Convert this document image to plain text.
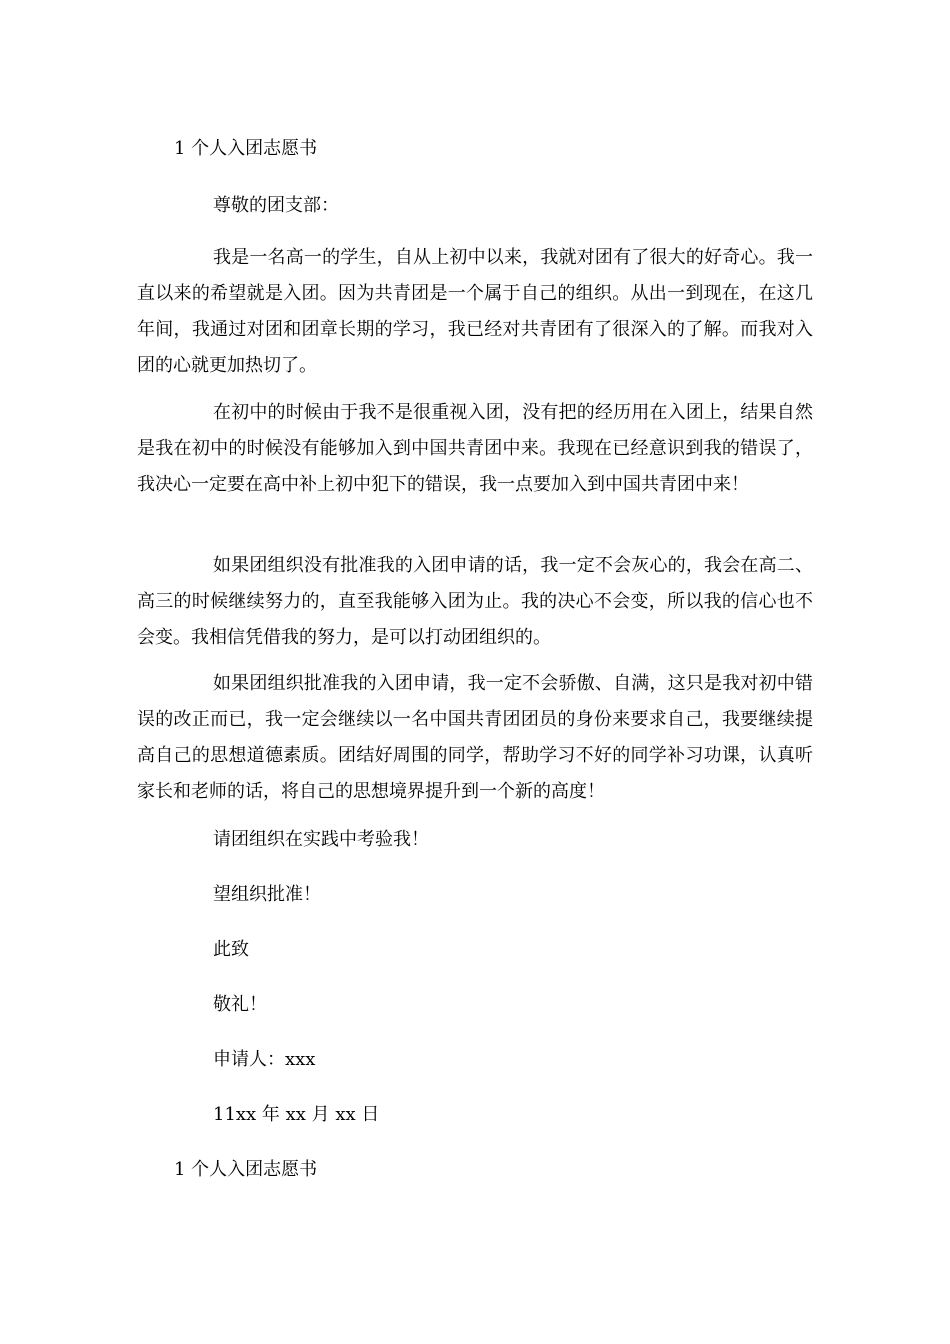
1 个人入团志愿书
尊敬的团支部：
我是一名高一的学生，自从上初中以来，我就对团有了很大的好奇心。我一直以来的希望就是入团。因为共青团是一个属于自己的组织。从出一到现在，在这几年间，我通过对团和团章长期的学习，我已经对共青团有了很深入的了解。而我对入团的心就更加热切了。
在初中的时候由于我不是很重视入团，没有把的经历用在入团上，结果自然是我在初中的时候没有能够加入到中国共青团中来。我现在已经意识到我的错误了，我决心一定要在高中补上初中犯下的错误，我一点要加入到中国共青团中来！
如果团组织没有批准我的入团申请的话，我一定不会灰心的，我会在高二、高三的时候继续努力的，直至我能够入团为止。我的决心不会变，所以我的信心也不会变。我相信凭借我的努力，是可以打动团组织的。
如果团组织批准我的入团申请，我一定不会骄傲、自满，这只是我对初中错误的改正而已，我一定会继续以一名中国共青团团员的身份来要求自己，我要继续提高自己的思想道德素质。团结好周围的同学，帮助学习不好的同学补习功课，认真听家长和老师的话，将自己的思想境界提升到一个新的高度！
请团组织在实践中考验我！
望组织批准！
此致
敬礼！
申请人：xxx
11xx 年 xx 月 xx 日
1 个人入团志愿书
